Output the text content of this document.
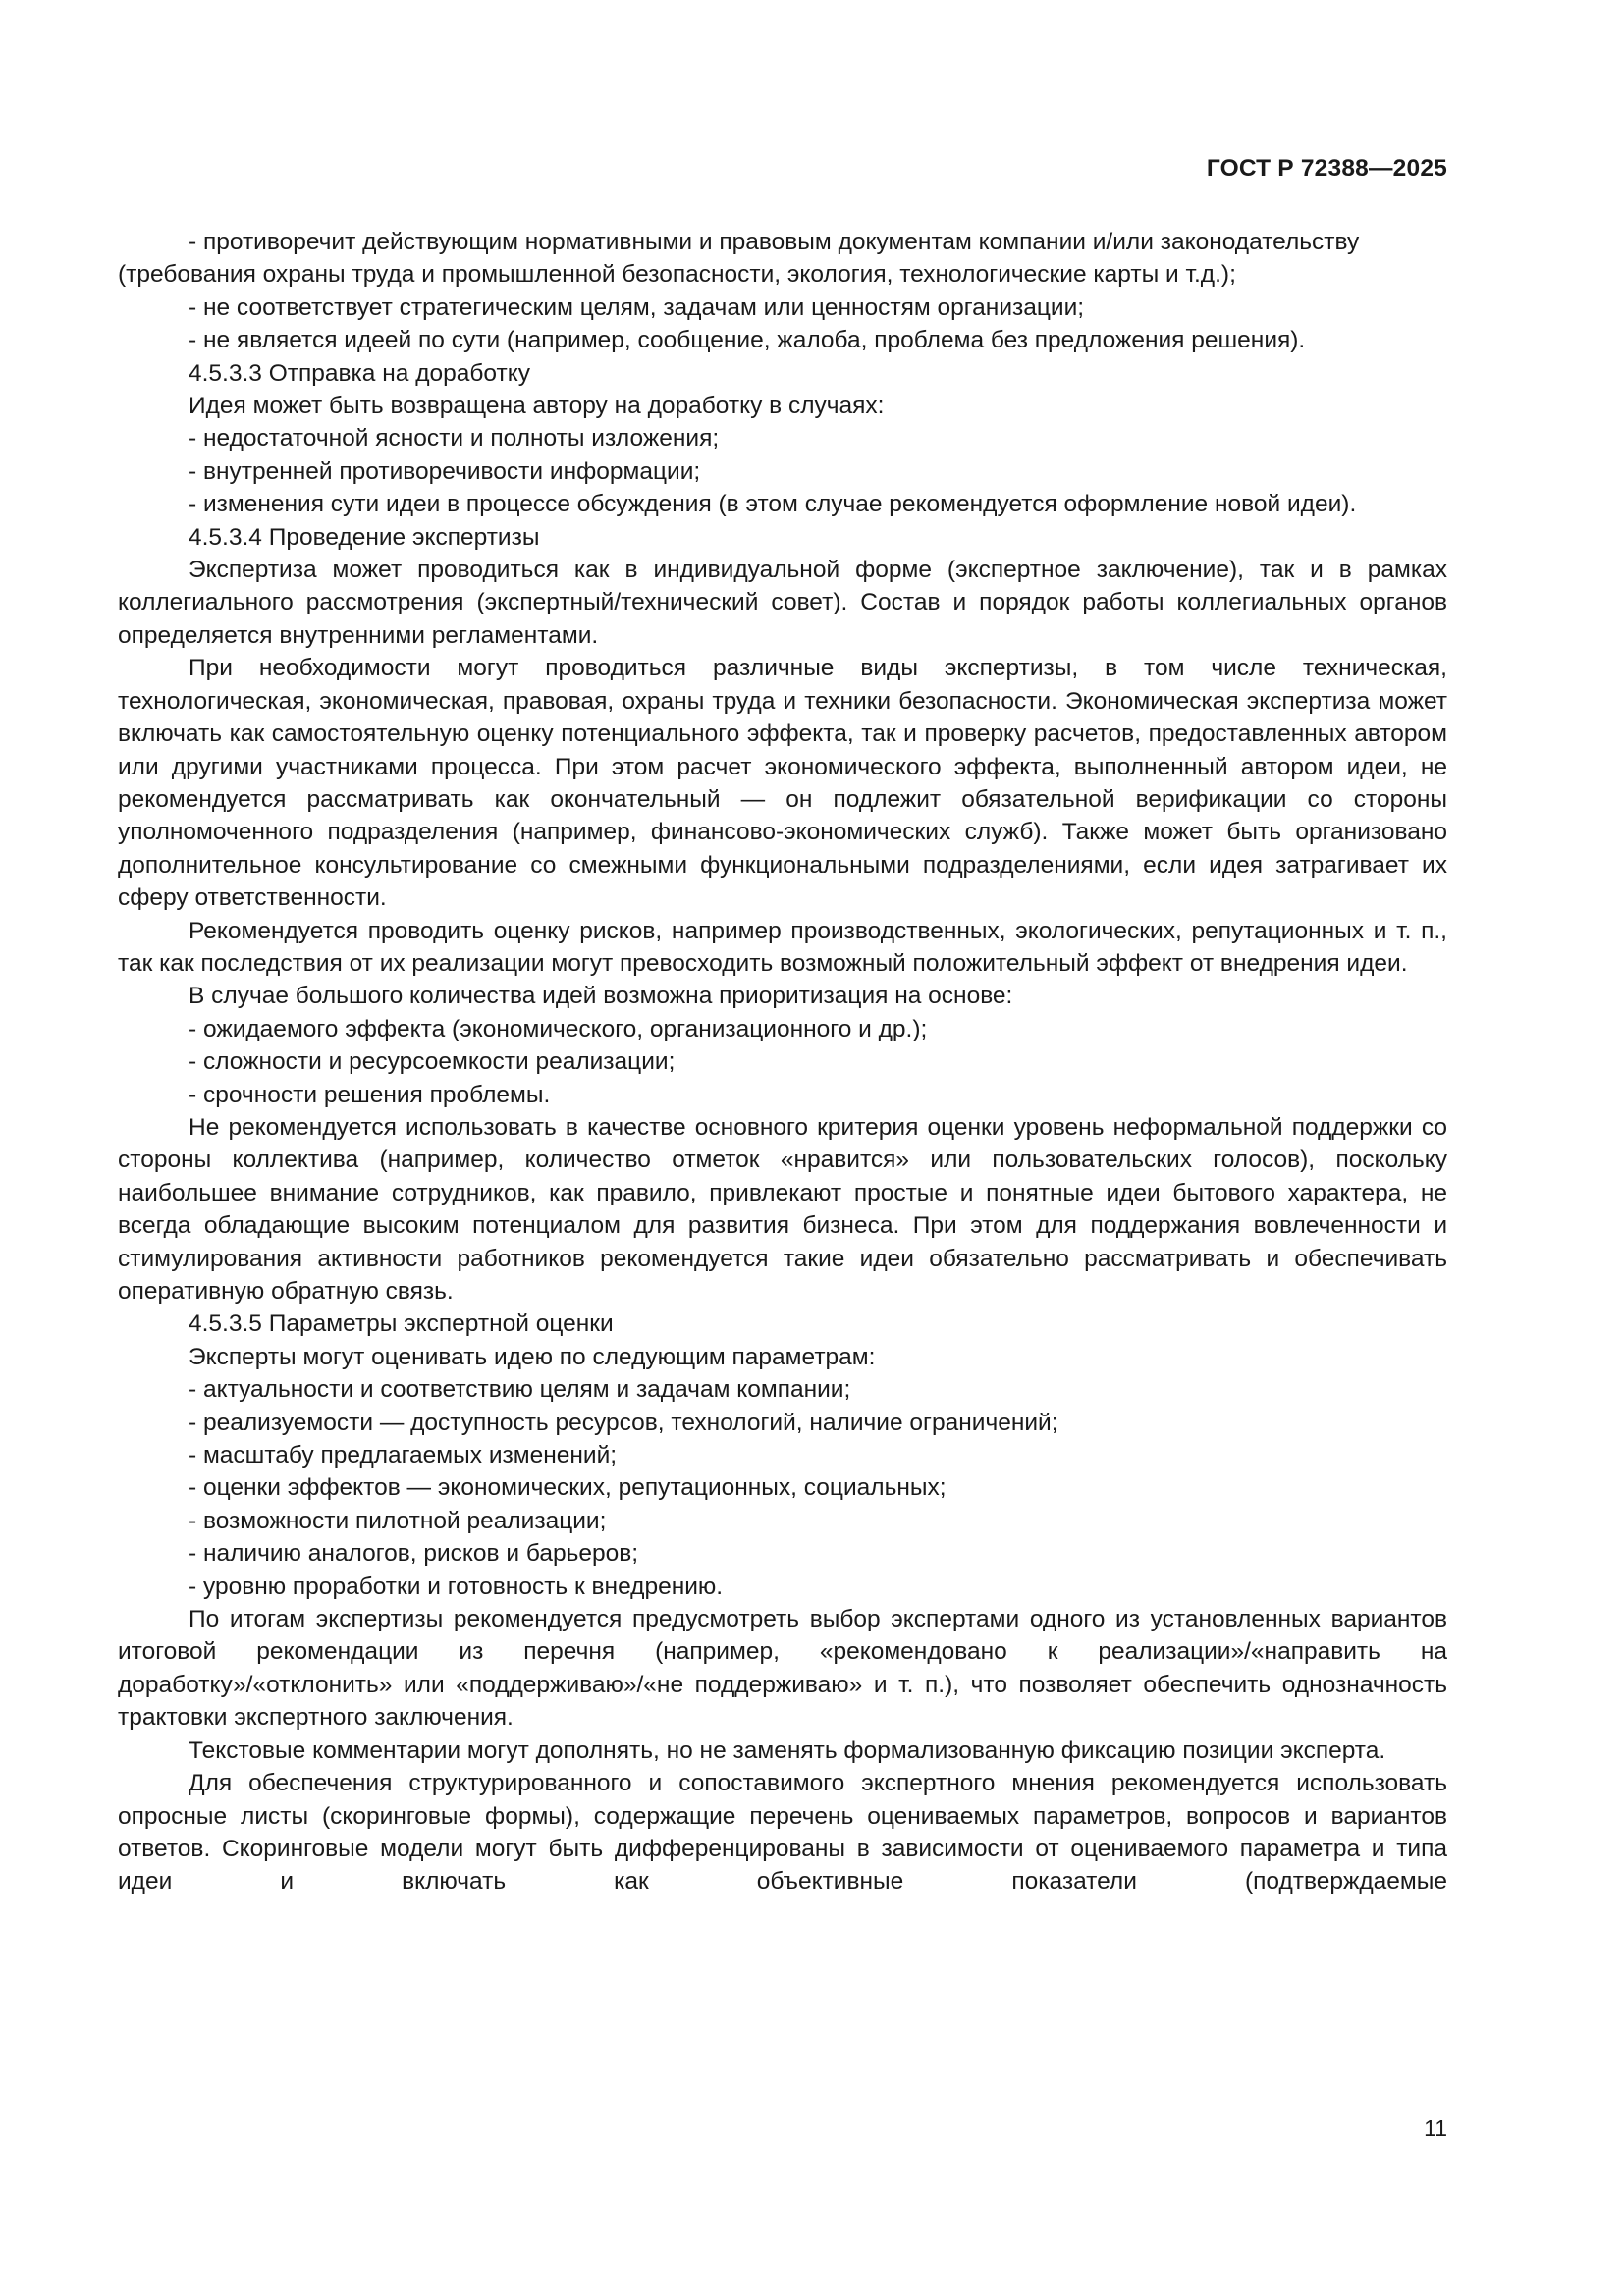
ГОСТ Р 72388—2025

- противоречит действующим нормативными и правовым документам компании и/или законодательству (требования охраны труда и промышленной безопасности, экология, технологические карты и т.д.);

- не соответствует стратегическим целям, задачам или ценностям организации;

- не является идеей по сути (например, сообщение, жалоба, проблема без предложения решения).

4.5.3.3 Отправка на доработку

Идея может быть возвращена автору на доработку в случаях:

- недостаточной ясности и полноты изложения;

- внутренней противоречивости информации;

- изменения сути идеи в процессе обсуждения (в этом случае рекомендуется оформление новой идеи).

4.5.3.4 Проведение экспертизы

Экспертиза может проводиться как в индивидуальной форме (экспертное заключение), так и в рамках коллегиального рассмотрения (экспертный/технический совет). Состав и порядок работы коллегиальных органов определяется внутренними регламентами.

При необходимости могут проводиться различные виды экспертизы, в том числе техническая, технологическая, экономическая, правовая, охраны труда и техники безопасности. Экономическая экспертиза может включать как самостоятельную оценку потенциального эффекта, так и проверку расчетов, предоставленных автором или другими участниками процесса. При этом расчет экономического эффекта, выполненный автором идеи, не рекомендуется рассматривать как окончательный — он подлежит обязательной верификации со стороны уполномоченного подразделения (например, финансово-экономических служб). Также может быть организовано дополнительное консультирование со смежными функциональными подразделениями, если идея затрагивает их сферу ответственности.

Рекомендуется проводить оценку рисков, например производственных, экологических, репутационных и т. п., так как последствия от их реализации могут превосходить возможный положительный эффект от внедрения идеи.

В случае большого количества идей возможна приоритизация на основе:

- ожидаемого эффекта (экономического, организационного и др.);

- сложности и ресурсоемкости реализации;

- срочности решения проблемы.

Не рекомендуется использовать в качестве основного критерия оценки уровень неформальной поддержки со стороны коллектива (например, количество отметок «нравится» или пользовательских голосов), поскольку наибольшее внимание сотрудников, как правило, привлекают простые и понятные идеи бытового характера, не всегда обладающие высоким потенциалом для развития бизнеса. При этом для поддержания вовлеченности и стимулирования активности работников рекомендуется такие идеи обязательно рассматривать и обеспечивать оперативную обратную связь.

4.5.3.5 Параметры экспертной оценки

Эксперты могут оценивать идею по следующим параметрам:

- актуальности и соответствию целям и задачам компании;

- реализуемости — доступность ресурсов, технологий, наличие ограничений;

- масштабу предлагаемых изменений;

- оценки эффектов — экономических, репутационных, социальных;

- возможности пилотной реализации;

- наличию аналогов, рисков и барьеров;

- уровню проработки и готовность к внедрению.

По итогам экспертизы рекомендуется предусмотреть выбор экспертами одного из установленных вариантов итоговой рекомендации из перечня (например, «рекомендовано к реализации»/«направить на доработку»/«отклонить» или «поддерживаю»/«не поддерживаю» и т. п.), что позволяет обеспечить однозначность трактовки экспертного заключения.

Текстовые комментарии могут дополнять, но не заменять формализованную фиксацию позиции эксперта.

Для обеспечения структурированного и сопоставимого экспертного мнения рекомендуется использовать опросные листы (скоринговые формы), содержащие перечень оцениваемых параметров, вопросов и вариантов ответов. Скоринговые модели могут быть дифференцированы в зависимости от оцениваемого параметра и типа идеи и включать как объективные показатели (подтверждаемые

11
